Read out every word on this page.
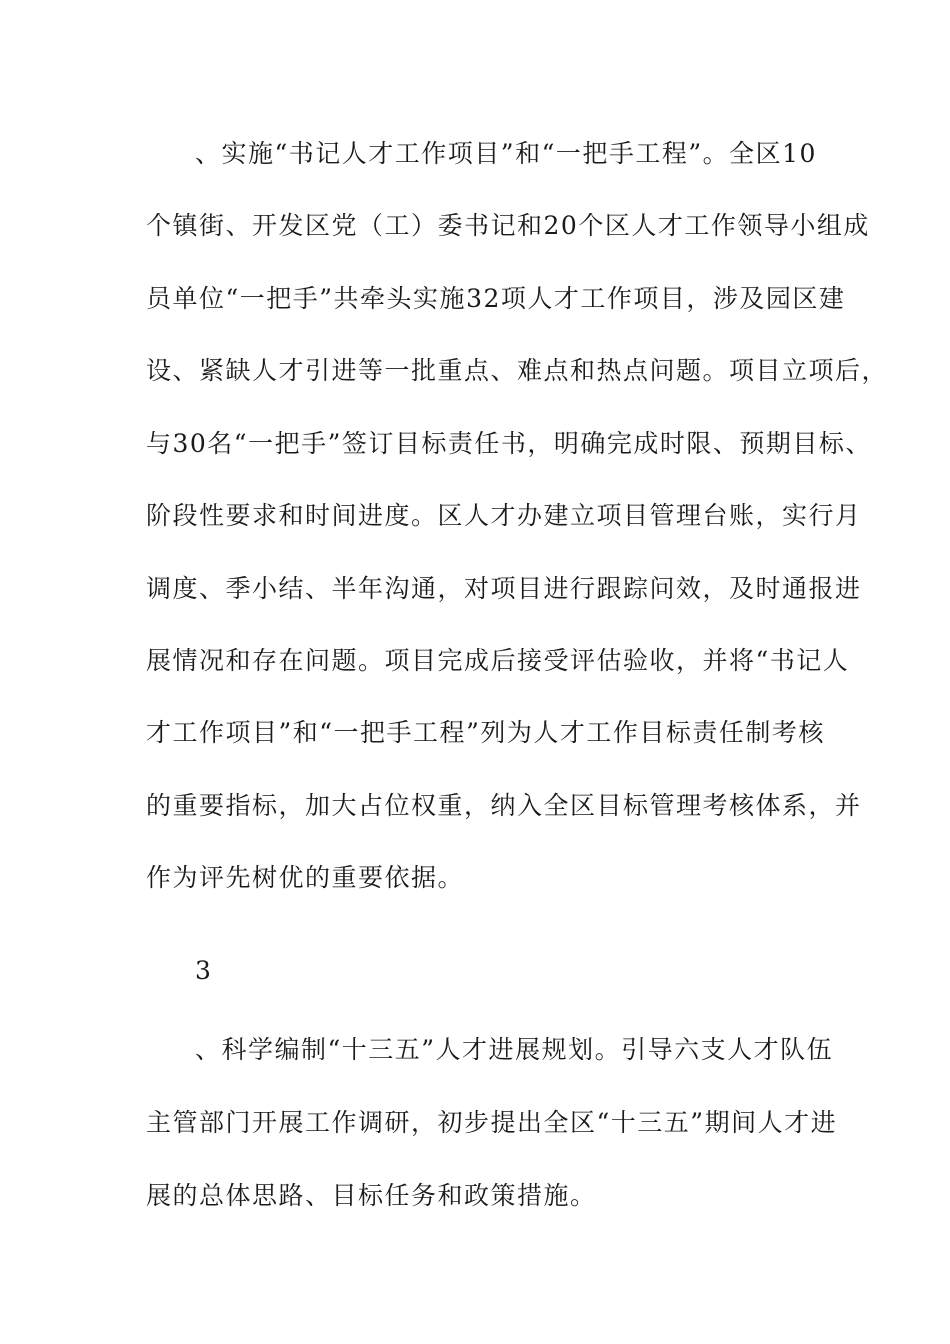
、实施“书记人才工作项目”和“一把手工程”。全区10
个镇街、开发区党（工）委书记和20个区人才工作领导小组成
员单位“一把手”共牵头实施32项人才工作项目，涉及园区建
设、紧缺人才引进等一批重点、难点和热点问题。项目立项后，
与30名“一把手”签订目标责任书，明确完成时限、预期目标、
阶段性要求和时间进度。区人才办建立项目管理台账，实行月
调度、季小结、半年沟通，对项目进行跟踪问效，及时通报进
展情况和存在问题。项目完成后接受评估验收，并将“书记人
才工作项目”和“一把手工程”列为人才工作目标责任制考核
的重要指标，加大占位权重，纳入全区目标管理考核体系，并
作为评先树优的重要依据。
3
、科学编制“十三五”人才进展规划。引导六支人才队伍
主管部门开展工作调研，初步提出全区“十三五”期间人才进
展的总体思路、目标任务和政策措施。
